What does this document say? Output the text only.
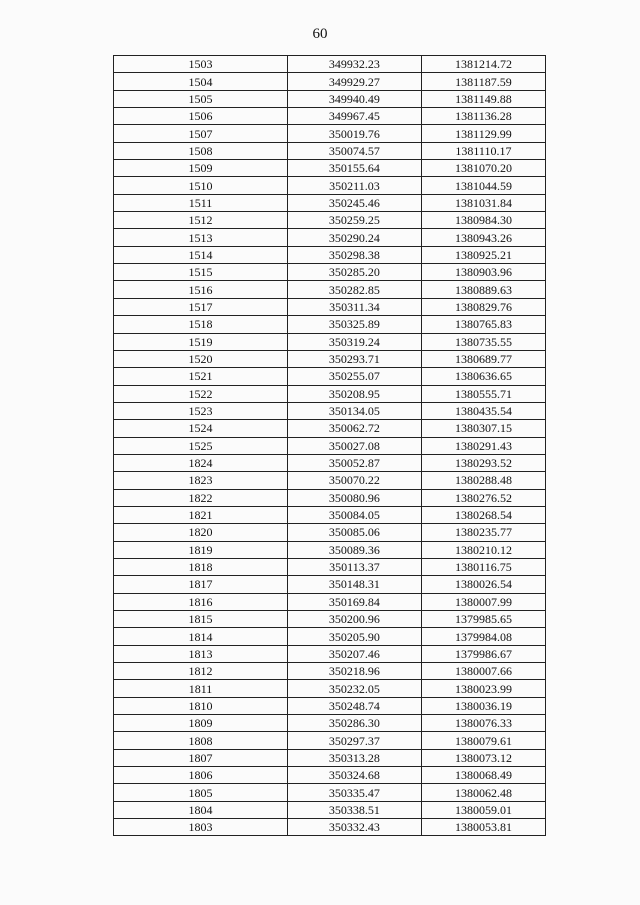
60
1503	349932.23	1381214.72
1504	349929.27	1381187.59
1505	349940.49	1381149.88
1506	349967.45	1381136.28
1507	350019.76	1381129.99
1508	350074.57	1381110.17
1509	350155.64	1381070.20
1510	350211.03	1381044.59
1511	350245.46	1381031.84
1512	350259.25	1380984.30
1513	350290.24	1380943.26
1514	350298.38	1380925.21
1515	350285.20	1380903.96
1516	350282.85	1380889.63
1517	350311.34	1380829.76
1518	350325.89	1380765.83
1519	350319.24	1380735.55
1520	350293.71	1380689.77
1521	350255.07	1380636.65
1522	350208.95	1380555.71
1523	350134.05	1380435.54
1524	350062.72	1380307.15
1525	350027.08	1380291.43
1824	350052.87	1380293.52
1823	350070.22	1380288.48
1822	350080.96	1380276.52
1821	350084.05	1380268.54
1820	350085.06	1380235.77
1819	350089.36	1380210.12
1818	350113.37	1380116.75
1817	350148.31	1380026.54
1816	350169.84	1380007.99
1815	350200.96	1379985.65
1814	350205.90	1379984.08
1813	350207.46	1379986.67
1812	350218.96	1380007.66
1811	350232.05	1380023.99
1810	350248.74	1380036.19
1809	350286.30	1380076.33
1808	350297.37	1380079.61
1807	350313.28	1380073.12
1806	350324.68	1380068.49
1805	350335.47	1380062.48
1804	350338.51	1380059.01
1803	350332.43	1380053.81
